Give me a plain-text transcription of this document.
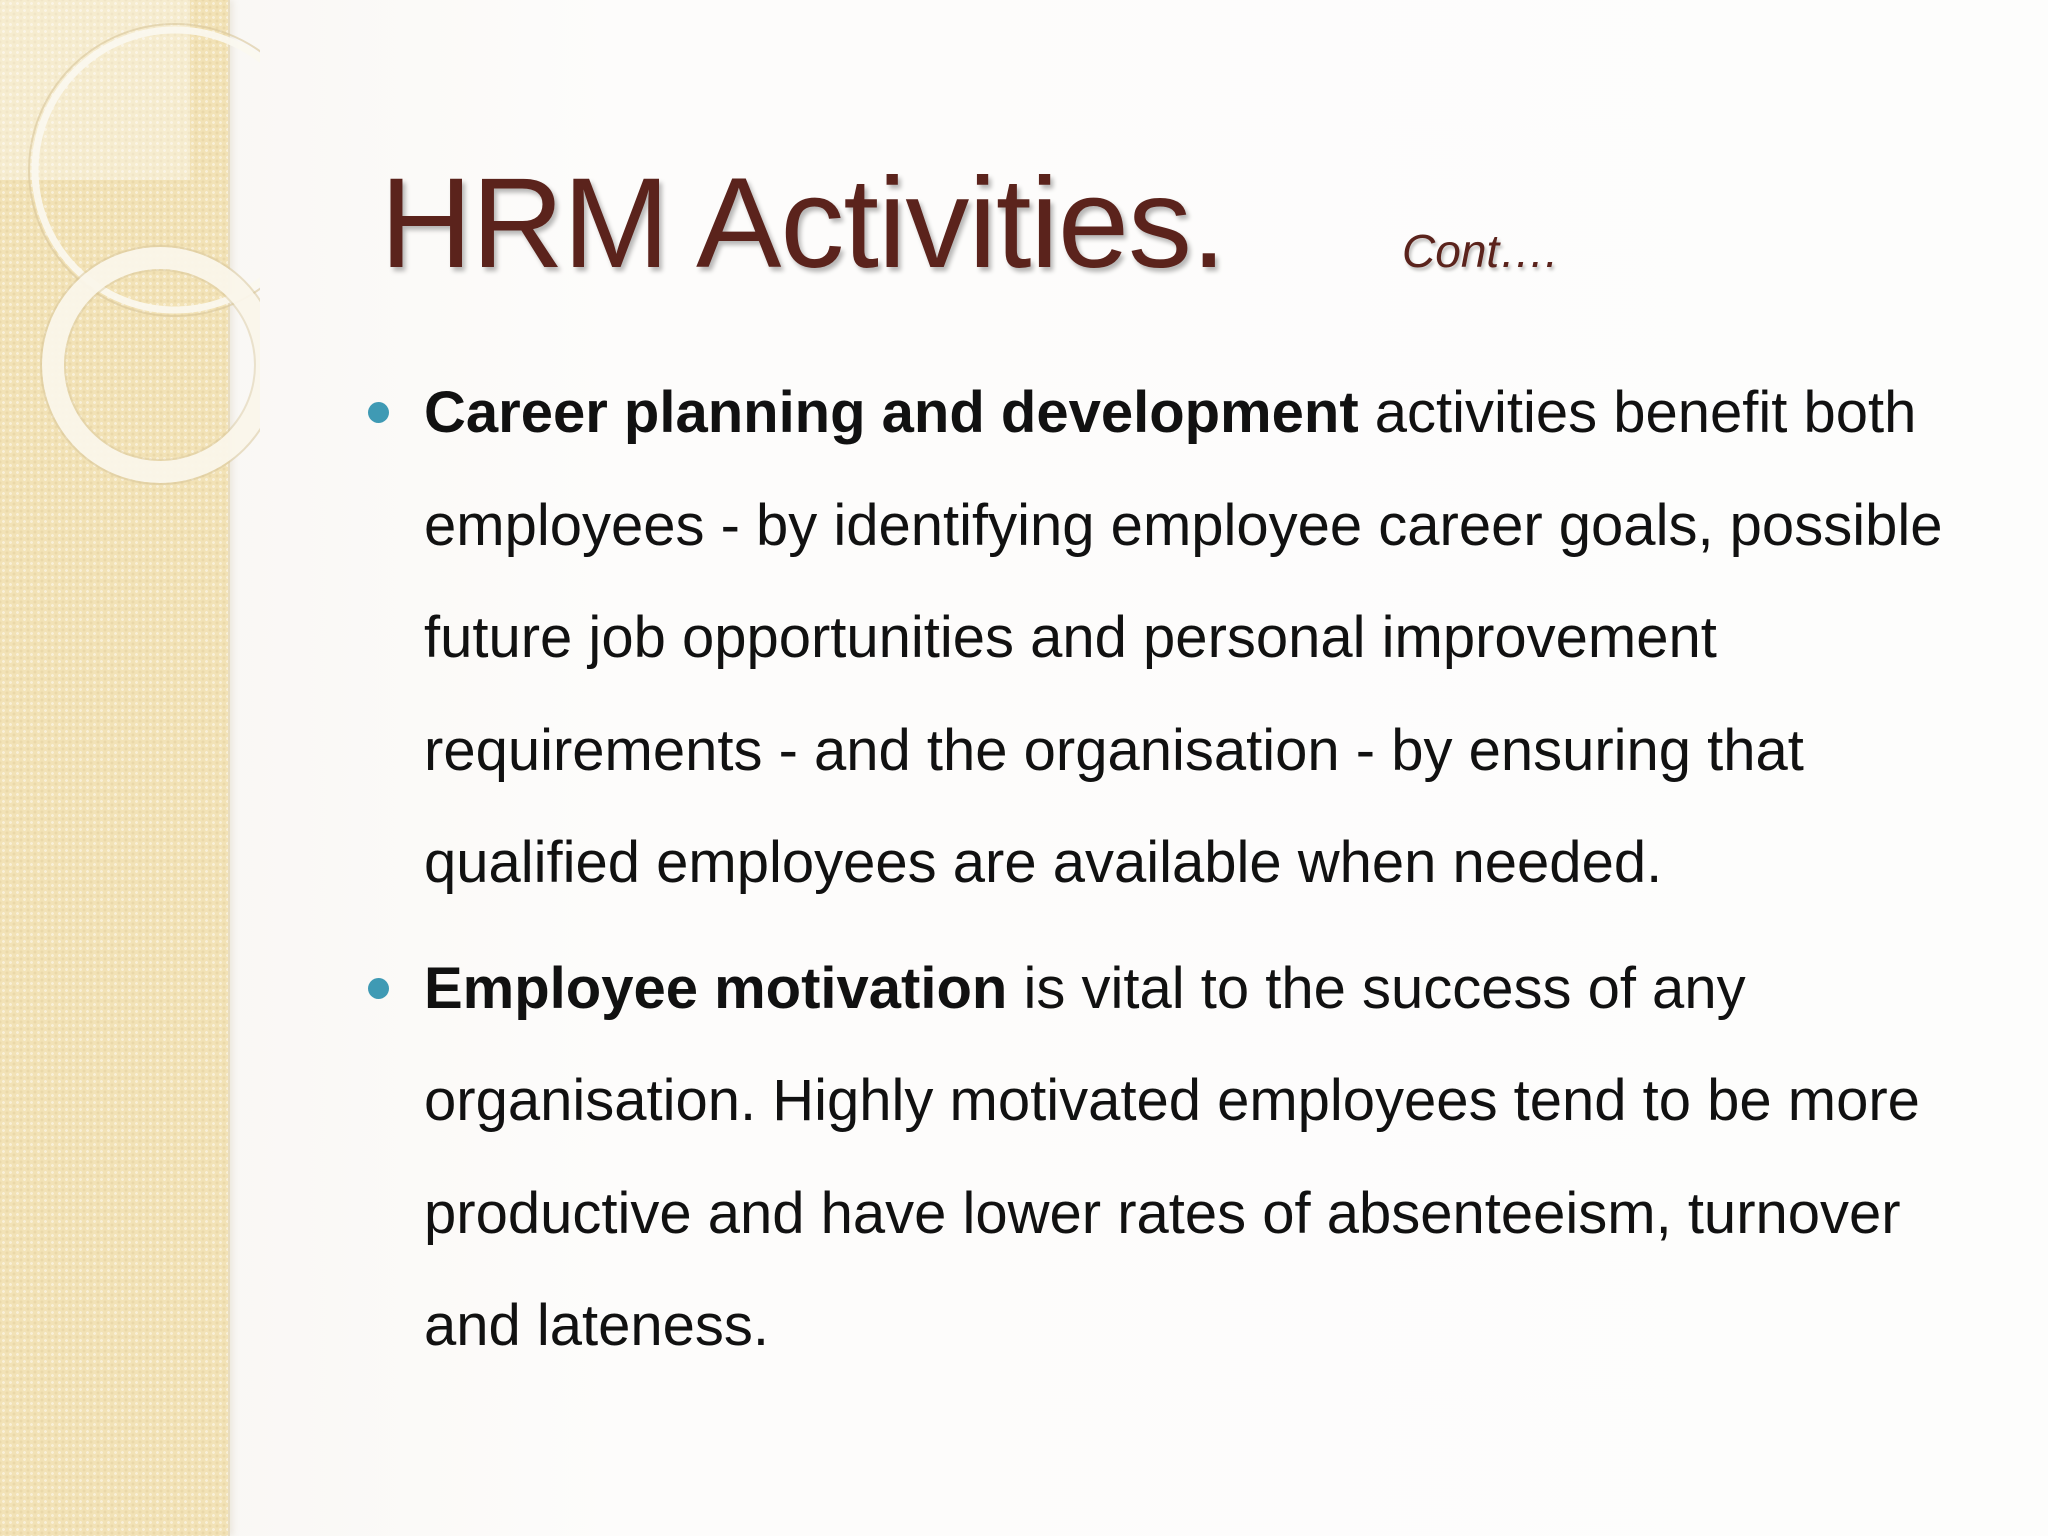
HRM Activities.	Cont….
Career planning and development activities benefit both employees - by identifying employee career goals, possible future job opportunities and personal improvement requirements - and the organisation - by ensuring that qualified employees are available when needed.
Employee motivation is vital to the success of any organisation. Highly motivated employees tend to be more productive and have lower rates of absenteeism, turnover and lateness.
